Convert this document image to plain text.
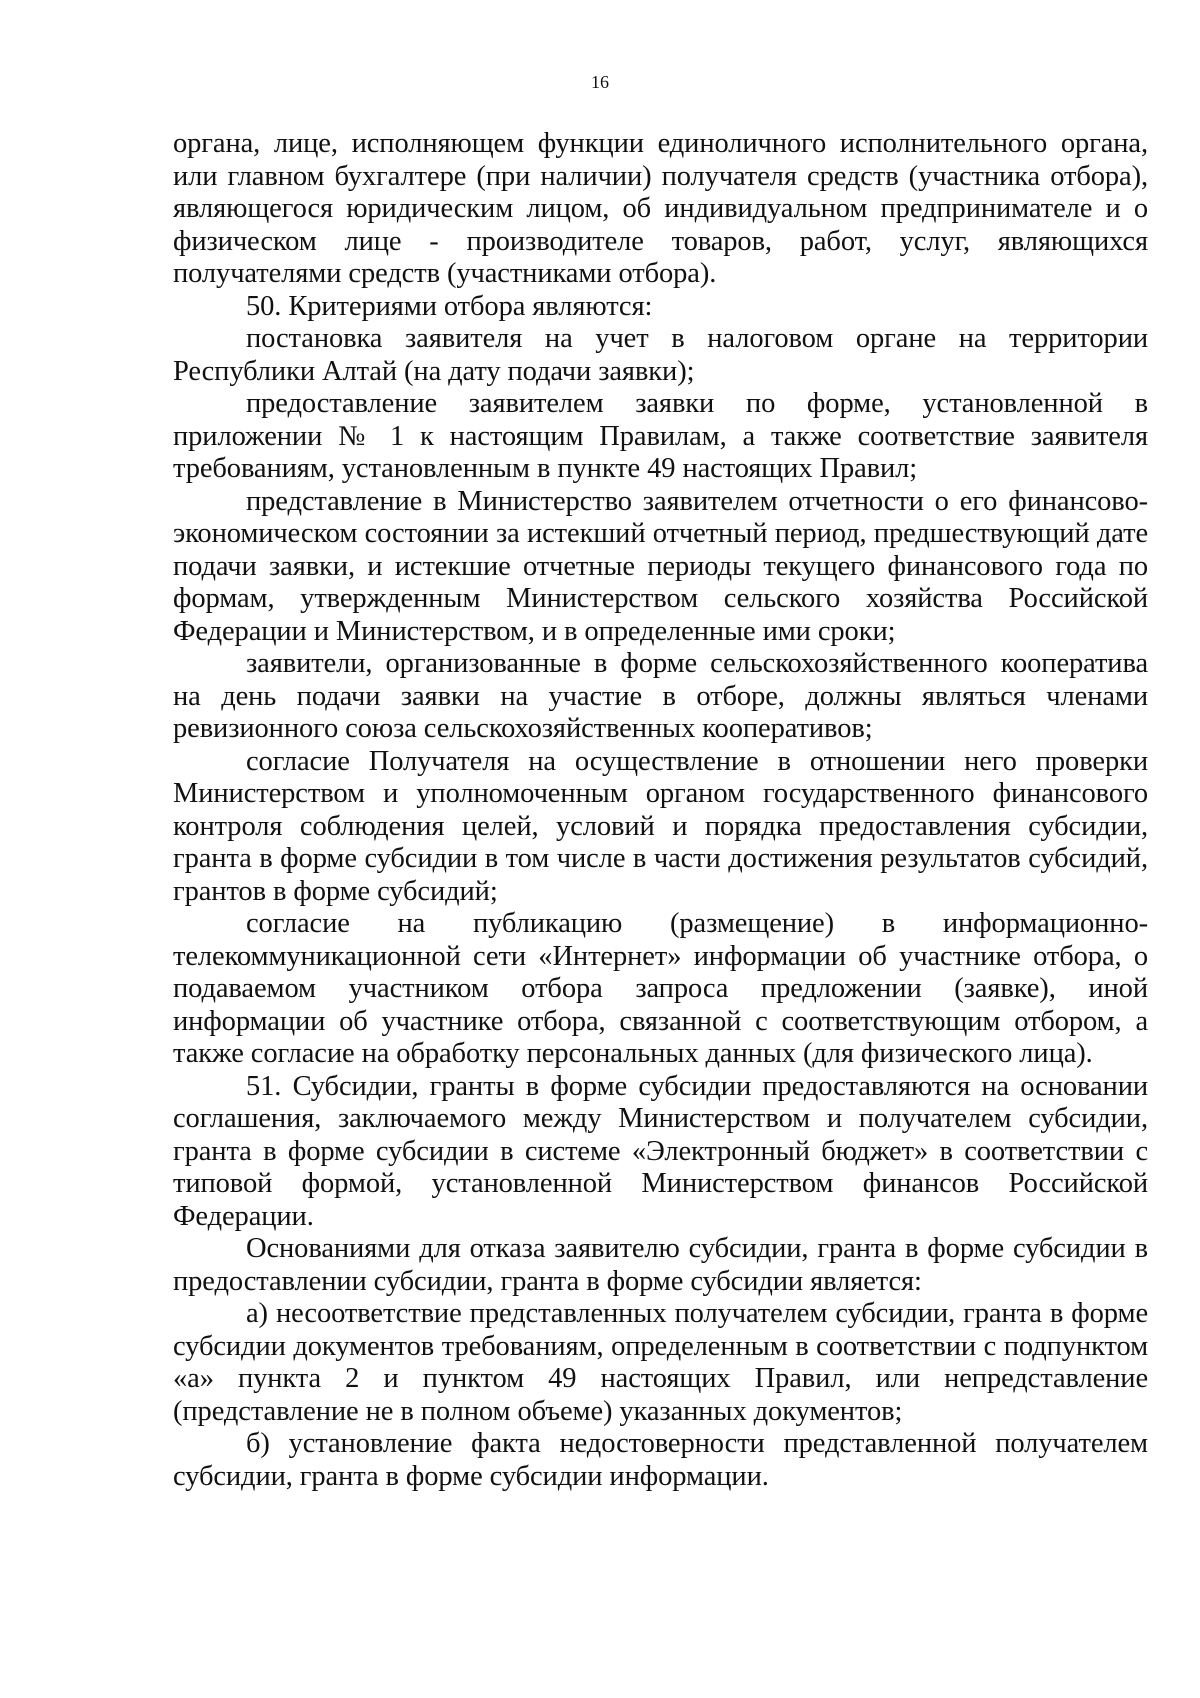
16

органа, лице, исполняющем функции единоличного исполнительного органа, или главном бухгалтере (при наличии) получателя средств (участника отбора), являющегося юридическим лицом, об индивидуальном предпринимателе и о физическом лице - производителе товаров, работ, услуг, являющихся получателями средств (участниками отбора).

50. Критериями отбора являются:

постановка заявителя на учет в налоговом органе на территории Республики Алтай (на дату подачи заявки);

предоставление заявителем заявки по форме, установленной в приложении № 1 к настоящим Правилам, а также соответствие заявителя требованиям, установленным в пункте 49 настоящих Правил;

представление в Министерство заявителем отчетности о его финансово-экономическом состоянии за истекший отчетный период, предшествующий дате подачи заявки, и истекшие отчетные периоды текущего финансового года по формам, утвержденным Министерством сельского хозяйства Российской Федерации и Министерством, и в определенные ими сроки;

заявители, организованные в форме сельскохозяйственного кооператива на день подачи заявки на участие в отборе, должны являться членами ревизионного союза сельскохозяйственных кооперативов;

согласие Получателя на осуществление в отношении него проверки Министерством и уполномоченным органом государственного финансового контроля соблюдения целей, условий и порядка предоставления субсидии, гранта в форме субсидии в том числе в части достижения результатов субсидий, грантов в форме субсидий;

согласие на публикацию (размещение) в информационно-телекоммуникационной сети «Интернет» информации об участнике отбора, о подаваемом участником отбора запроса предложении (заявке), иной информации об участнике отбора, связанной с соответствующим отбором, а также согласие на обработку персональных данных (для физического лица).

51. Субсидии, гранты в форме субсидии предоставляются на основании соглашения, заключаемого между Министерством и получателем субсидии, гранта в форме субсидии в системе «Электронный бюджет» в соответствии с типовой формой, установленной Министерством финансов Российской Федерации.

Основаниями для отказа заявителю субсидии, гранта в форме субсидии в предоставлении субсидии, гранта в форме субсидии является:

а) несоответствие представленных получателем субсидии, гранта в форме субсидии документов требованиям, определенным в соответствии с подпунктом «а» пункта 2 и пунктом 49 настоящих Правил, или непредставление (представление не в полном объеме) указанных документов;

б) установление факта недостоверности представленной получателем субсидии, гранта в форме субсидии информации.
